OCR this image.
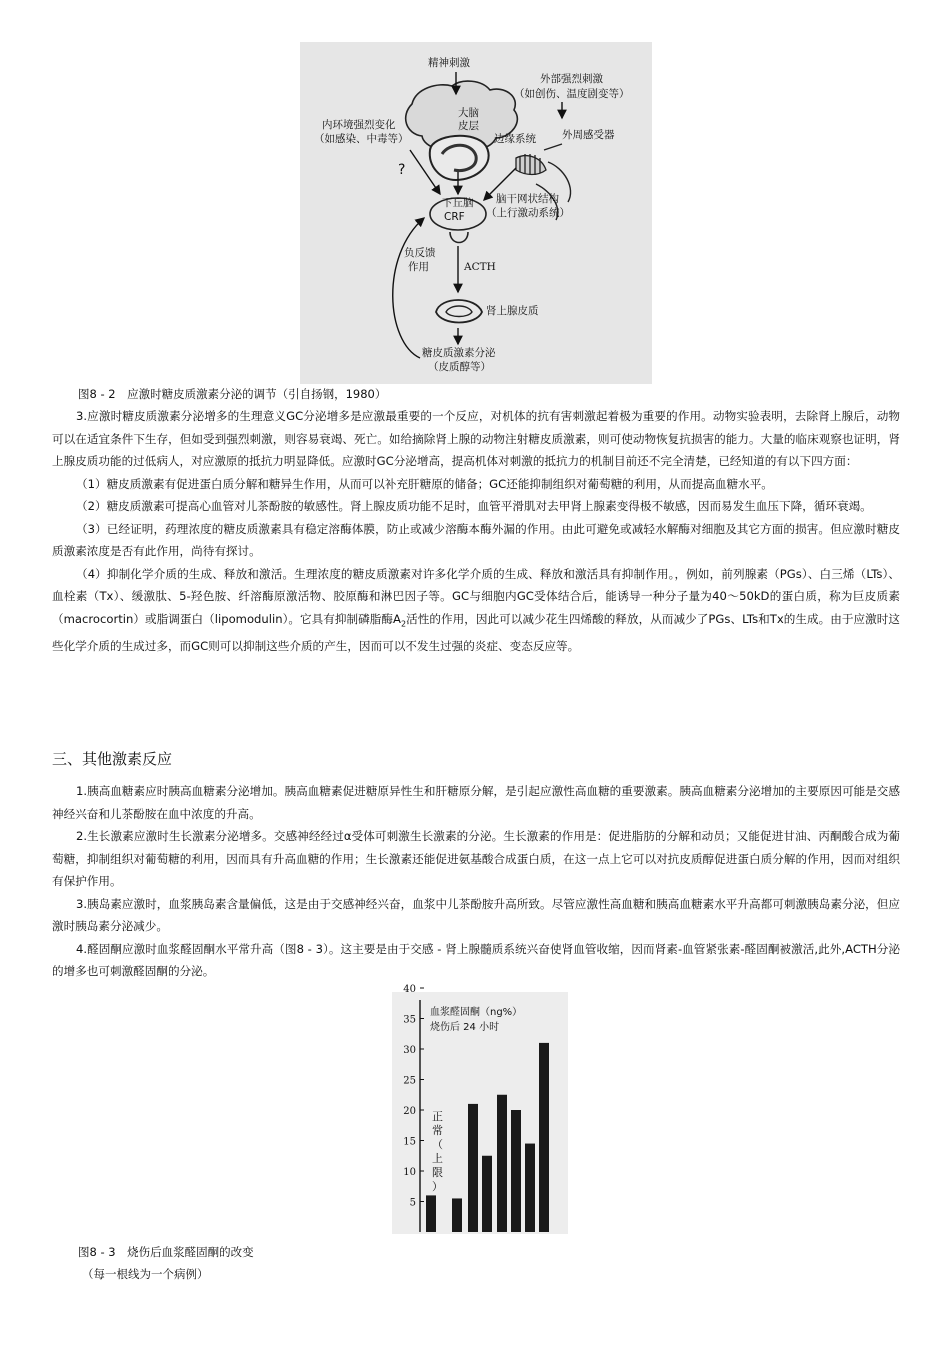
精神刺激
外部强烈刺激
（如创伤、温度剧变等）
大脑
皮层
内环境强烈变化
（如感染、中毒等）	边缘系统 外周感受器
?
下丘脑
CRF
脑干网状结构
（上行激动系统）
负反馈
作用	ACTH
肾上腺皮质
糖皮质激素分泌
（皮质醇等）
图8 - 2　应激时糖皮质激素分泌的调节（引自扬钢，1980）

3.应激时糖皮质激素分泌增多的生理意义GC分泌增多是应激最重要的一个反应，对机体的抗有害刺激起着极为重要的作用。动物实验表明，去除肾上腺后，动物可以在适宜条件下生存，但如受到强烈刺激，则容易衰竭、死亡。如给摘除肾上腺的动物注射糖皮质激素，则可使动物恢复抗损害的能力。大量的临床观察也证明，肾上腺皮质功能的过低病人，对应激原的抵抗力明显降低。应激时GC分泌增高，提高机体对刺激的抵抗力的机制目前还不完全清楚，已经知道的有以下四方面：

（1）糖皮质激素有促进蛋白质分解和糖异生作用，从而可以补充肝糖原的储备；GC还能抑制组织对葡萄糖的利用，从而提高血糖水平。

（2）糖皮质激素可提高心血管对儿茶酚胺的敏感性。肾上腺皮质功能不足时，血管平滑肌对去甲肾上腺素变得极不敏感，因而易发生血压下降，循环衰竭。

（3）已经证明，药理浓度的糖皮质激素具有稳定溶酶体膜，防止或减少溶酶本酶外漏的作用。由此可避免或减轻水解酶对细胞及其它方面的损害。但应激时糖皮质激素浓度是否有此作用，尚待有探讨。

（4）抑制化学介质的生成、释放和激活。生理浓度的糖皮质激素对许多化学介质的生成、释放和激活具有抑制作用。，例如，前列腺素（PGs）、白三烯（LTs）、血栓素（Tx）、缓激肽、5-羟色胺、纤溶酶原激活物、胶原酶和淋巴因子等。GC与细胞内GC受体结合后，能诱导一种分子量为40～50kD的蛋白质，称为巨皮质素（macrocortin）或脂调蛋白（lipomodulin）。它具有抑制磷脂酶$A_2$活性的作用，因此可以减少花生四烯酸的释放，从而减少了PGs、LTs和Tx的生成。由于应激时这些化学介质的生成过多，而GC则可以抑制这些介质的产生，因而可以不发生过强的炎症、变态反应等。

三、其他激素反应

1.胰高血糖素应时胰高血糖素分泌增加。胰高血糖素促进糖原异性生和肝糖原分解，是引起应激性高血糖的重要激素。胰高血糖素分泌增加的主要原因可能是交感神经兴奋和儿茶酚胺在血中浓度的升高。

2.生长激素应激时生长激素分泌增多。交感神经经过α受体可刺激生长激素的分泌。生长激素的作用是：促进脂肪的分解和动员；又能促进甘油、丙酮酸合成为葡萄糖，抑制组织对葡萄糖的利用，因而具有升高血糖的作用；生长激素还能促进氨基酸合成蛋白质，在这一点上它可以对抗皮质醇促进蛋白质分解的作用，因而对组织有保护作用。

3.胰岛素应激时，血浆胰岛素含量偏低，这是由于交感神经兴奋，血浆中儿茶酚胺升高所致。尽管应激性高血糖和胰高血糖素水平升高都可刺激胰岛素分泌，但应激时胰岛素分泌减少。

4.醛固酮应激时血浆醛固酮水平常升高（图8 - 3）。这主要是由于交感 - 肾上腺髓质系统兴奋使肾血管收缩，因而肾素-血管紧张素-醛固酮被激活,此外,ACTH分泌的增多也可刺激醛固酮的分泌。

血浆醛固酮（ng%）
烧伤后 24 小时
5
10
15
20
25
30
35
40
正
常
（
上
限
）
图8 - 3　烧伤后血浆醛固酮的改变
（每一根线为一个病例）
